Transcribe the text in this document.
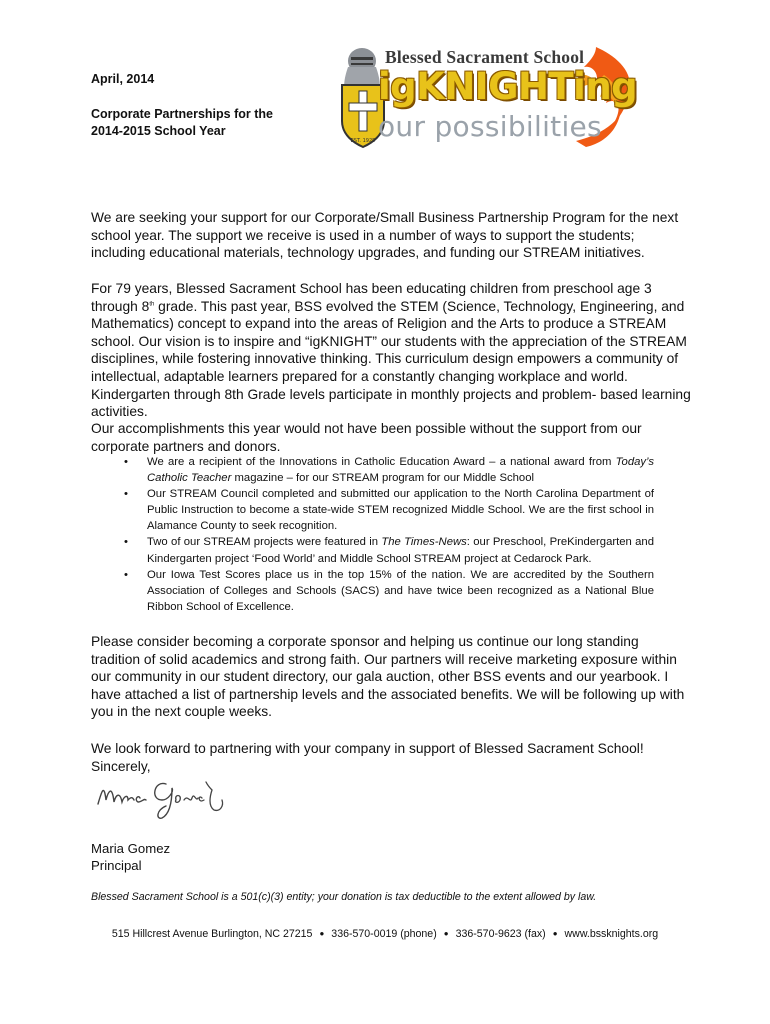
April, 2014
Corporate Partnerships for the
2014-2015 School Year
EST. 1925
Blessed Sacrament School
igKNIGHTing
our possibilities
We are seeking your support for our Corporate/Small Business Partnership Program for the next school year. The support we receive is used in a number of ways to support the students; including educational materials, technology upgrades, and funding our STREAM initiatives.
For 79 years, Blessed Sacrament School has been educating children from preschool age 3 through 8th grade. This past year, BSS evolved the STEM (Science, Technology, Engineering, and Mathematics) concept to expand into the areas of Religion and the Arts to produce a STREAM school. Our vision is to inspire and “igKNIGHT” our students with the appreciation of the STREAM disciplines, while fostering innovative thinking. This curriculum design empowers a community of intellectual, adaptable learners prepared for a constantly changing workplace and world. Kindergarten through 8th Grade levels participate in monthly projects and problem- based learning activities.
Our accomplishments this year would not have been possible without the support from our corporate partners and donors.
• We are a recipient of the Innovations in Catholic Education Award – a national award from Today’s Catholic Teacher magazine – for our STREAM program for our Middle School
• Our STREAM Council completed and submitted our application to the North Carolina Department of Public Instruction to become a state-wide STEM recognized Middle School. We are the first school in Alamance County to seek recognition.
• Two of our STREAM projects were featured in The Times-News: our Preschool, PreKindergarten and Kindergarten project ‘Food World’ and Middle School STREAM project at Cedarock Park.
• Our Iowa Test Scores place us in the top 15% of the nation. We are accredited by the Southern Association of Colleges and Schools (SACS) and have twice been recognized as a National Blue Ribbon School of Excellence.
Please consider becoming a corporate sponsor and helping us continue our long standing tradition of solid academics and strong faith. Our partners will receive marketing exposure within our community in our student directory, our gala auction, other BSS events and our yearbook. I have attached a list of partnership levels and the associated benefits. We will be following up with you in the next couple weeks.
We look forward to partnering with your company in support of Blessed Sacrament School!
Sincerely,
Maria Gomez
Principal
Blessed Sacrament School is a 501(c)(3) entity; your donation is tax deductible to the extent allowed by law.
515 Hillcrest Avenue Burlington, NC 27215 ● 336-570-0019 (phone) ● 336-570-9623 (fax) ● www.bssknights.org
